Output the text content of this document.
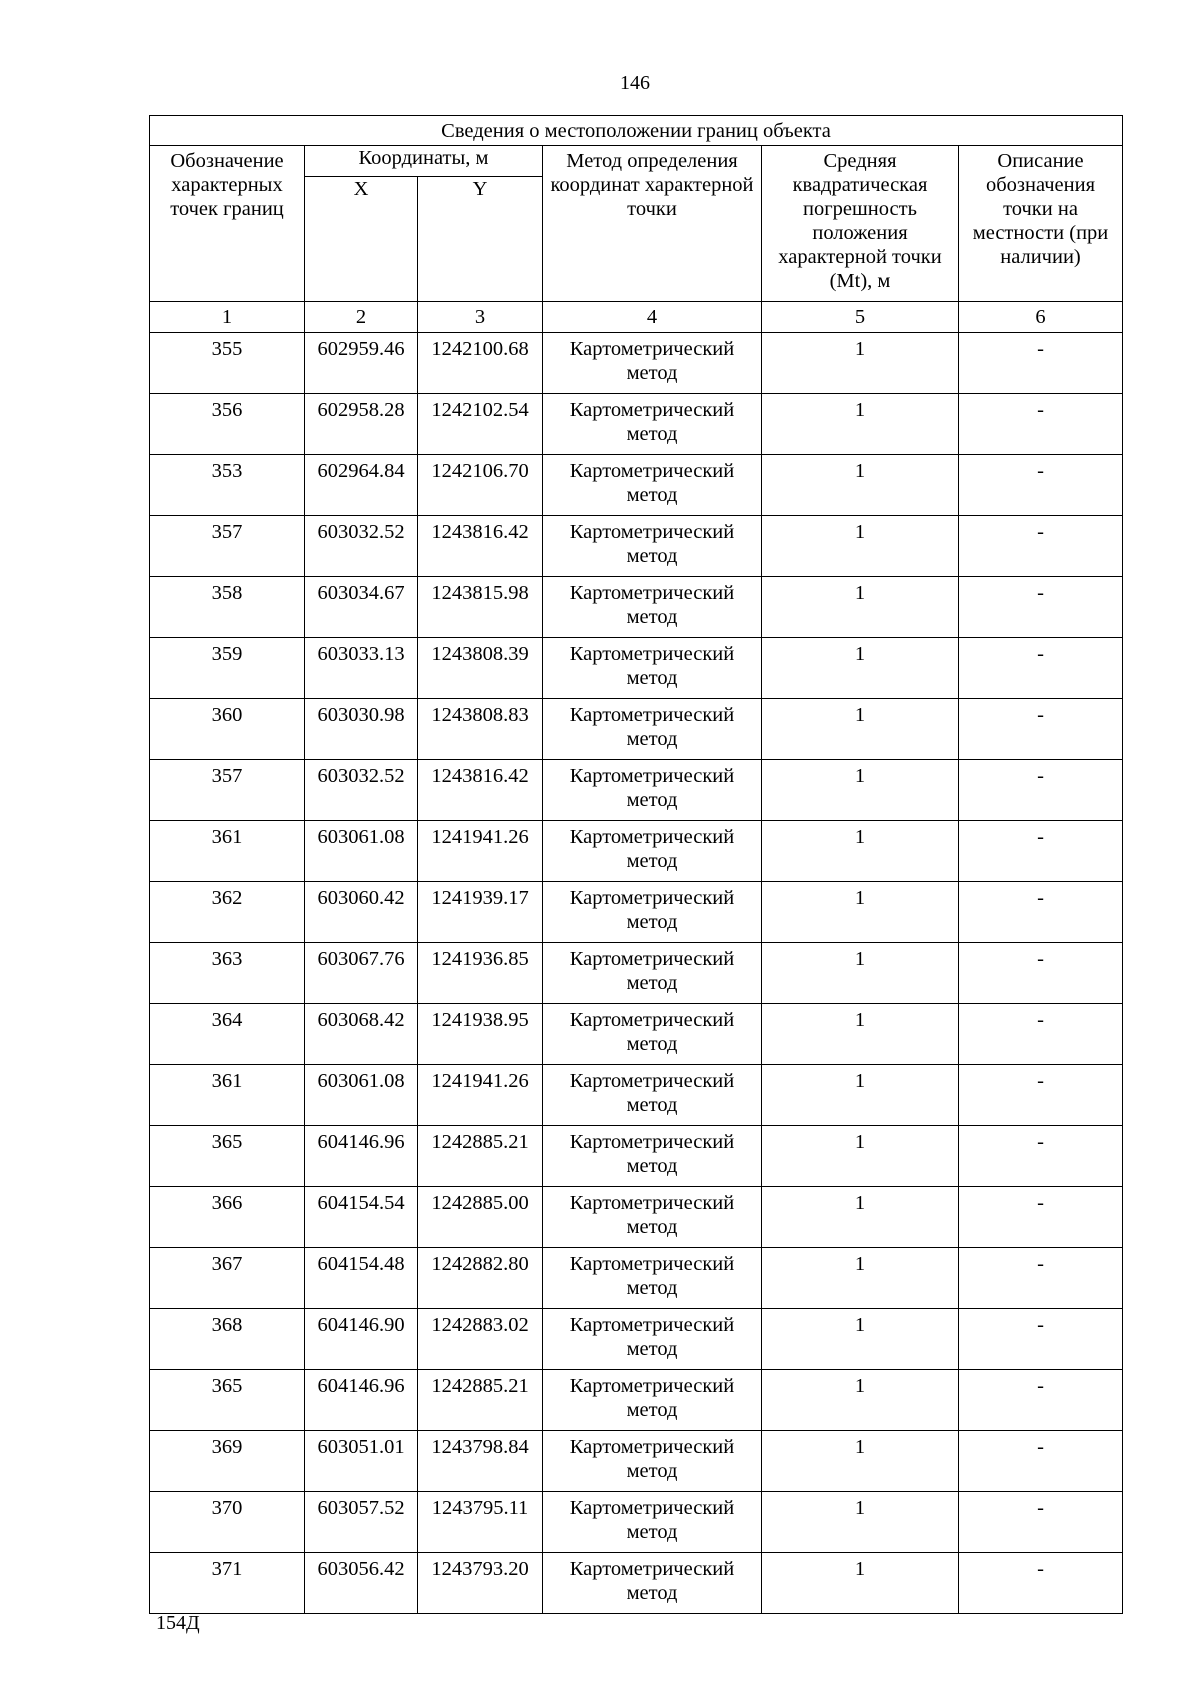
146
Сведения о местоположении границ объекта					
Обозначение характерных точек границ	Координаты, м		Метод определения координат характерной точки	Средняя квадратическая погрешность положения характерной точки (Mt), м	Описание обозначения точки на местности (при наличии)
	X	Y			
1	2	3	4	5	6
355	602959.46	1242100.68	Картометрический метод	1	-
356	602958.28	1242102.54	Картометрический метод	1	-
353	602964.84	1242106.70	Картометрический метод	1	-
357	603032.52	1243816.42	Картометрический метод	1	-
358	603034.67	1243815.98	Картометрический метод	1	-
359	603033.13	1243808.39	Картометрический метод	1	-
360	603030.98	1243808.83	Картометрический метод	1	-
357	603032.52	1243816.42	Картометрический метод	1	-
361	603061.08	1241941.26	Картометрический метод	1	-
362	603060.42	1241939.17	Картометрический метод	1	-
363	603067.76	1241936.85	Картометрический метод	1	-
364	603068.42	1241938.95	Картометрический метод	1	-
361	603061.08	1241941.26	Картометрический метод	1	-
365	604146.96	1242885.21	Картометрический метод	1	-
366	604154.54	1242885.00	Картометрический метод	1	-
367	604154.48	1242882.80	Картометрический метод	1	-
368	604146.90	1242883.02	Картометрический метод	1	-
365	604146.96	1242885.21	Картометрический метод	1	-
369	603051.01	1243798.84	Картометрический метод	1	-
370	603057.52	1243795.11	Картометрический метод	1	-
371	603056.42	1243793.20	Картометрический метод	1	-
154Д
